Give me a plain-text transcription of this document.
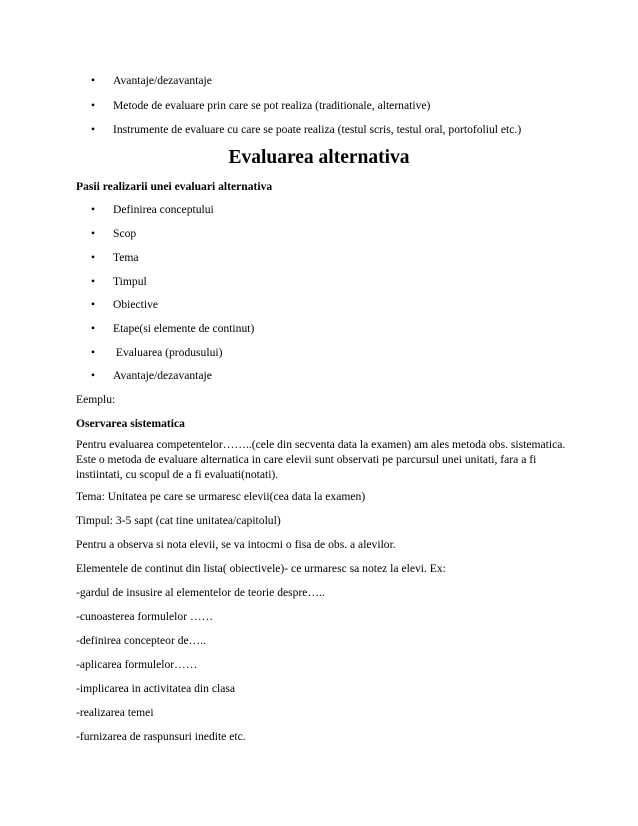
• Avantaje/dezavantaje
• Metode de evaluare prin care se pot realiza (traditionale, alternative)
• Instrumente de evaluare cu care se poate realiza (testul scris, testul oral, portofoliul etc.)
Evaluarea alternativa
Pasii realizarii unei evaluari alternativa
• Definirea conceptului
• Scop
• Tema
• Timpul
• Obiective
• Etape(si elemente de continut)
• Evaluarea (produsului)
• Avantaje/dezavantaje
Eemplu:
Oservarea sistematica
Pentru evaluarea competentelor……..(cele din secventa data la examen) am ales metoda obs. sistematica. Este o metoda de evaluare alternatica in care elevii sunt observati pe parcursul unei unitati, fara a fi instiintati, cu scopul de a fi evaluati(notati).
Tema: Unitatea pe care se urmaresc elevii(cea data la examen)
Timpul: 3-5 sapt (cat tine unitatea/capitolul)
Pentru a observa si nota elevii, se va intocmi o fisa de obs. a alevilor.
Elementele de continut din lista( obiectivele)- ce urmaresc sa notez la elevi. Ex:
-gardul de insusire al elementelor de teorie despre…..
-cunoasterea formulelor ……
-definirea concepteor de…..
-aplicarea formulelor……
-implicarea in activitatea din clasa
-realizarea temei
-furnizarea de raspunsuri inedite etc.
